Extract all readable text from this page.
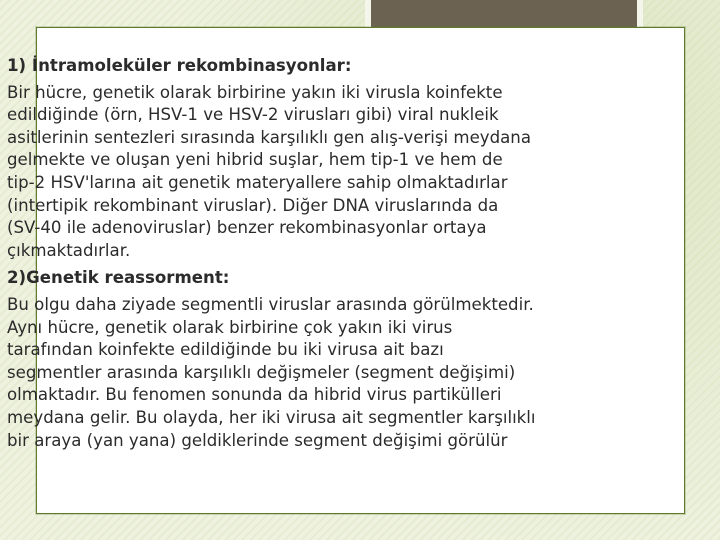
1) İntramoleküler rekombinasyonlar:
Bir hücre, genetik olarak birbirine yakın iki virusla koinfekte
edildiğinde (örn, HSV-1 ve HSV-2 virusları gibi) viral nukleik
asitlerinin sentezleri sırasında karşılıklı gen alış-verişi meydana
gelmekte ve oluşan yeni hibrid suşlar, hem tip-1 ve hem de
tip-2 HSV'larına ait genetik materyallere sahip olmaktadırlar
(intertipik rekombinant viruslar). Diğer DNA viruslarında da
(SV-40 ile adenoviruslar) benzer rekombinasyonlar ortaya
çıkmaktadırlar.
2)Genetik reassorment:
Bu olgu daha ziyade segmentli viruslar arasında görülmektedir.
Aynı hücre, genetik olarak birbirine çok yakın iki virus
tarafından koinfekte edildiğinde bu iki virusa ait bazı
segmentler arasında karşılıklı değişmeler (segment değişimi)
olmaktadır. Bu fenomen sonunda da hibrid virus partikülleri
meydana gelir. Bu olayda, her iki virusa ait segmentler karşılıklı
bir araya (yan yana) geldiklerinde segment değişimi görülür
